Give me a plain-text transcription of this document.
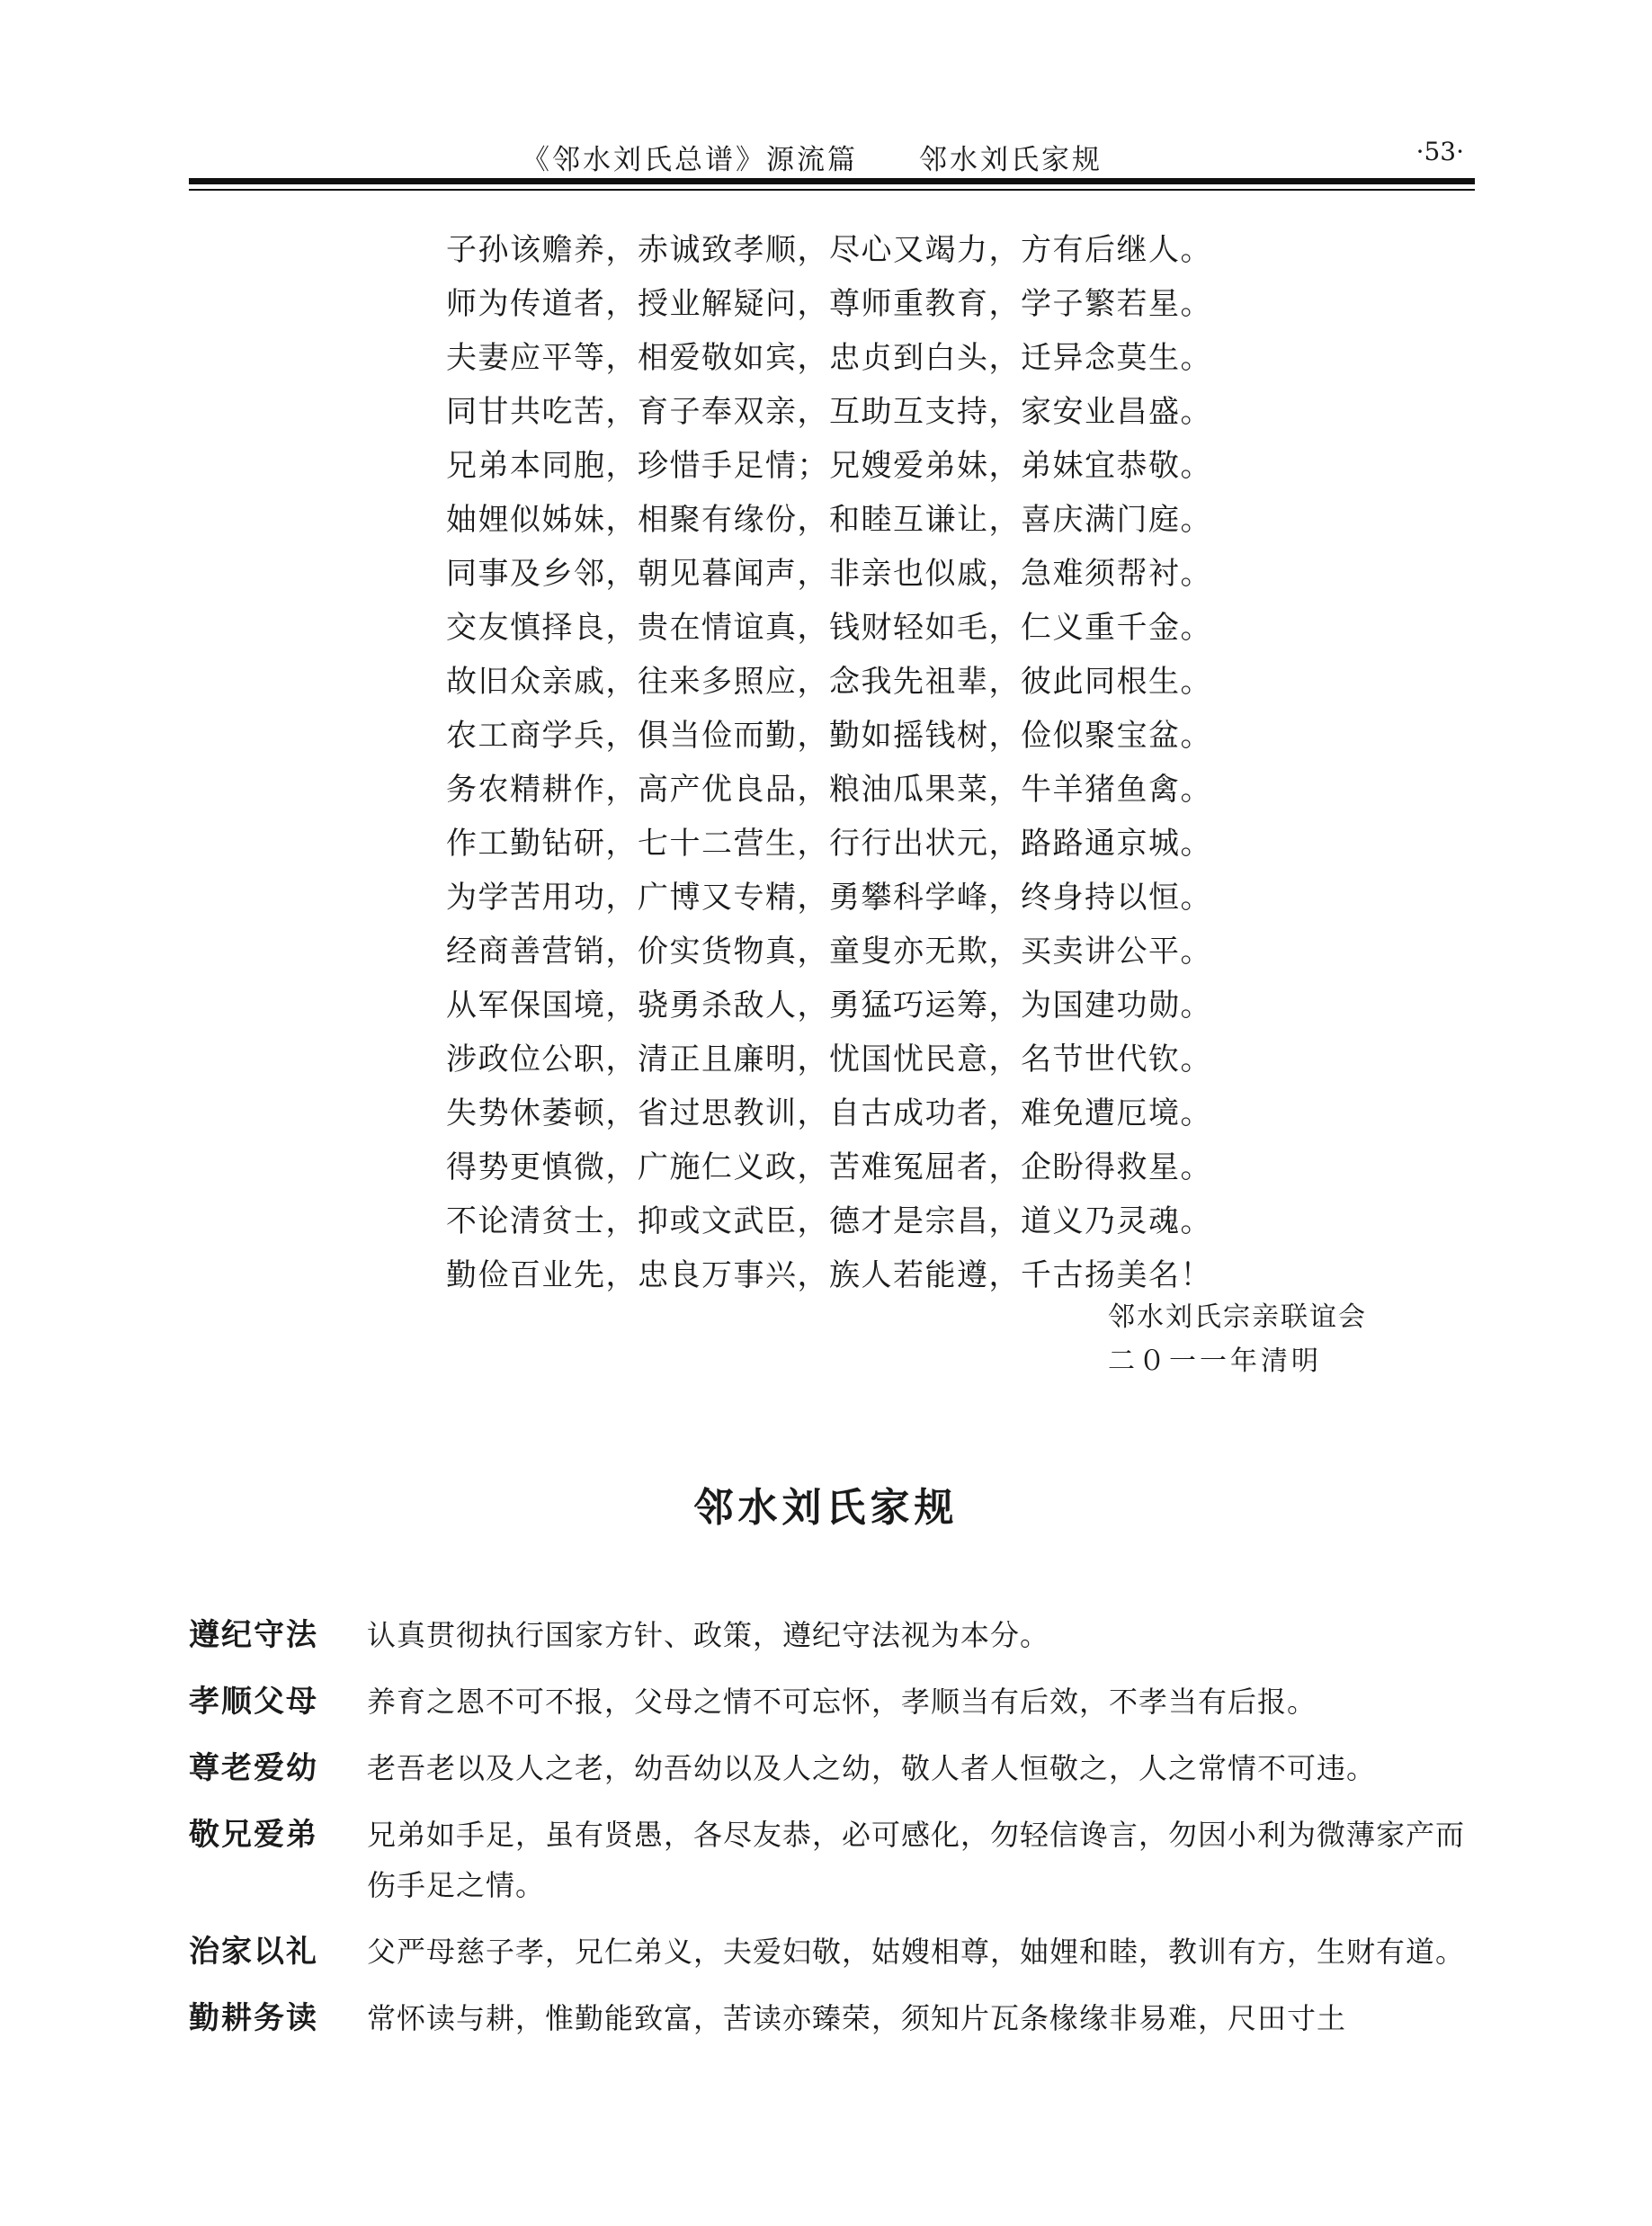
《邻水刘氏总谱》源流篇 邻水刘氏家规	·53·
子孙该赡养，赤诚致孝顺，尽心又竭力，方有后继人。
师为传道者，授业解疑问，尊师重教育，学子繁若星。
夫妻应平等，相爱敬如宾，忠贞到白头，迁异念莫生。
同甘共吃苦，育子奉双亲，互助互支持，家安业昌盛。
兄弟本同胞，珍惜手足情；兄嫂爱弟妹，弟妹宜恭敬。
妯娌似姊妹，相聚有缘份，和睦互谦让，喜庆满门庭。
同事及乡邻，朝见暮闻声，非亲也似戚，急难须帮衬。
交友慎择良，贵在情谊真，钱财轻如毛，仁义重千金。
故旧众亲戚，往来多照应，念我先祖辈，彼此同根生。
农工商学兵，俱当俭而勤，勤如摇钱树，俭似聚宝盆。
务农精耕作，高产优良品，粮油瓜果菜，牛羊猪鱼禽。
作工勤钻研，七十二营生，行行出状元，路路通京城。
为学苦用功，广博又专精，勇攀科学峰，终身持以恒。
经商善营销，价实货物真，童叟亦无欺，买卖讲公平。
从军保国境，骁勇杀敌人，勇猛巧运筹，为国建功勋。
涉政位公职，清正且廉明，忧国忧民意，名节世代钦。
失势休萎顿，省过思教训，自古成功者，难免遭厄境。
得势更慎微，广施仁义政，苦难冤屈者，企盼得救星。
不论清贫士，抑或文武臣，德才是宗昌，道义乃灵魂。
勤俭百业先，忠良万事兴，族人若能遵，千古扬美名！
邻水刘氏宗亲联谊会
二０一一年清明
邻水刘氏家规
遵纪守法	认真贯彻执行国家方针、政策，遵纪守法视为本分。
孝顺父母	养育之恩不可不报，父母之情不可忘怀，孝顺当有后效，不孝当有后报。
尊老爱幼	老吾老以及人之老，幼吾幼以及人之幼，敬人者人恒敬之，人之常情不可违。
敬兄爱弟	兄弟如手足，虽有贤愚，各尽友恭，必可感化，勿轻信谗言，勿因小利为微薄家产而伤手足之情。
治家以礼	父严母慈子孝，兄仁弟义，夫爱妇敬，姑嫂相尊，妯娌和睦，教训有方，生财有道。
勤耕务读	常怀读与耕，惟勤能致富，苦读亦臻荣，须知片瓦条椽缘非易难，尺田寸土
